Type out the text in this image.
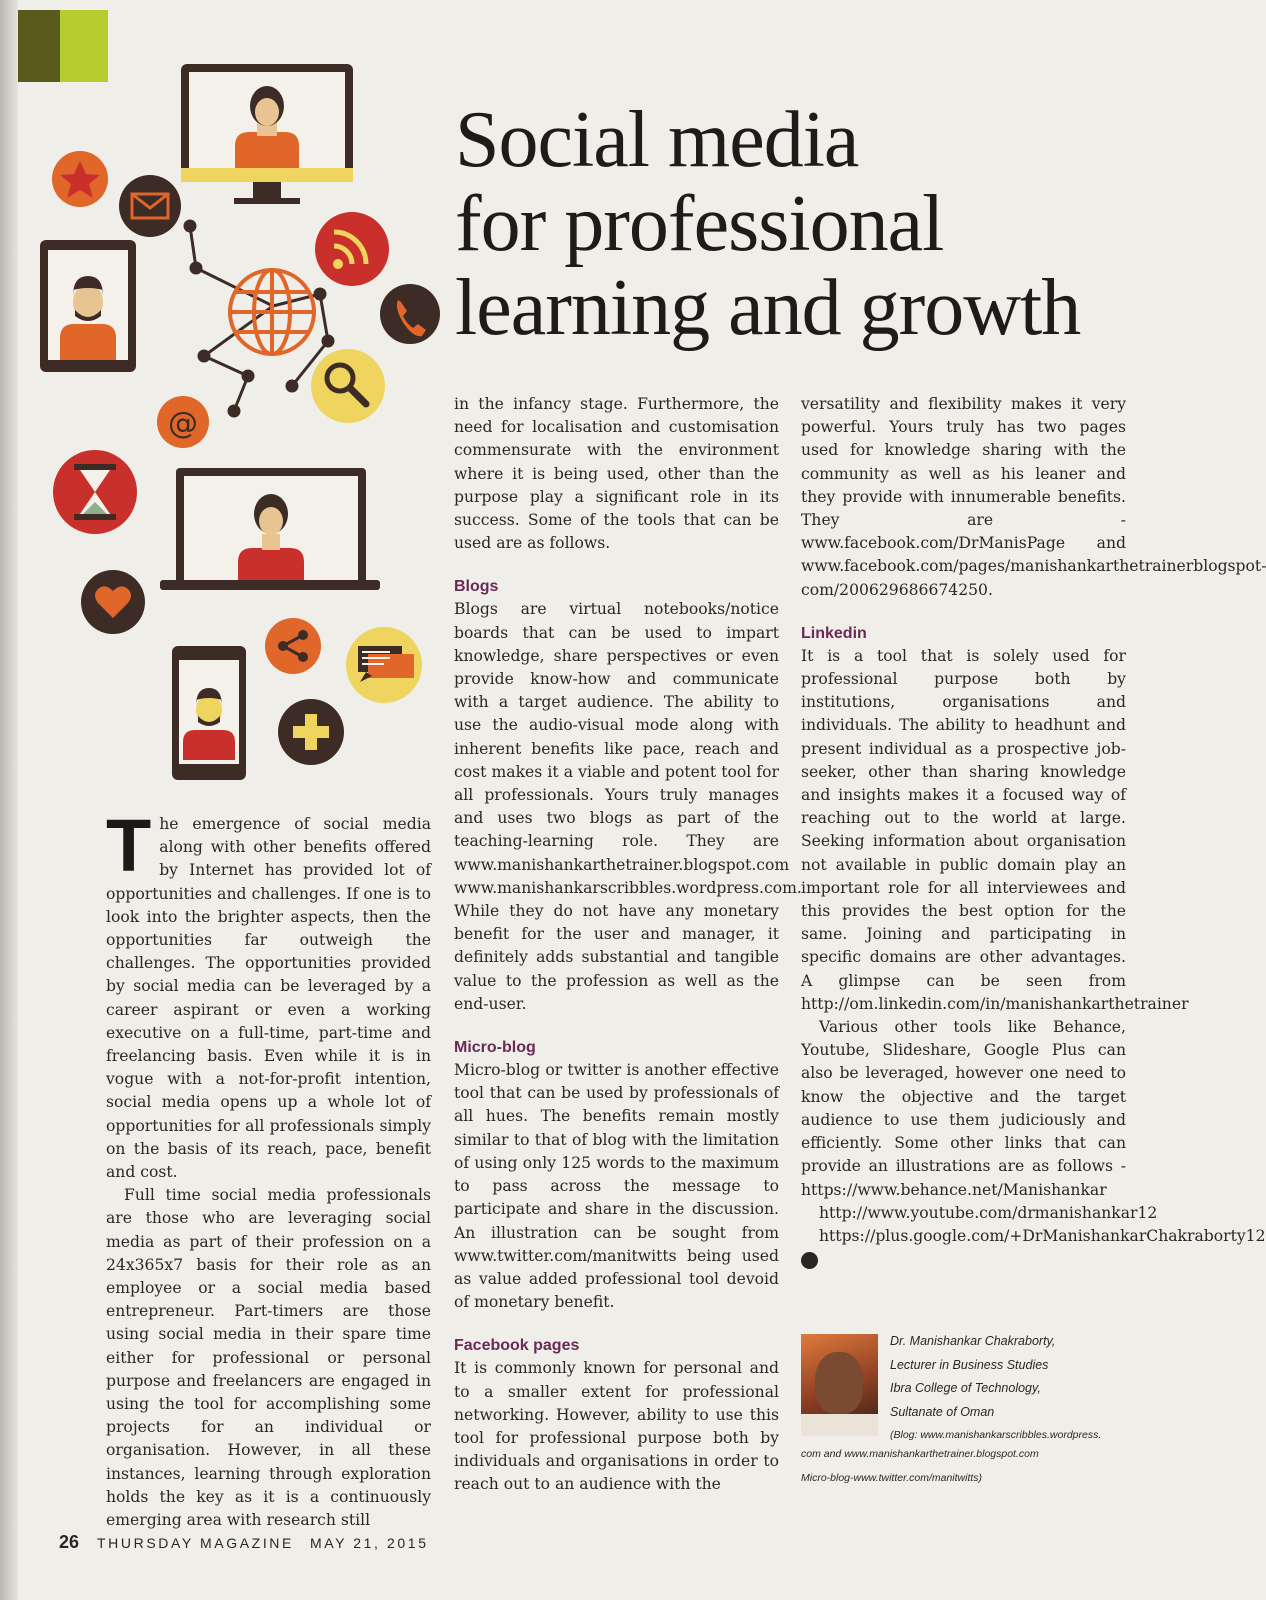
@
Social media
for professional
learning and growth

The emergence of social media along with other benefits offered by Internet has provided lot of opportunities and challenges. If one is to look into the brighter aspects, then the opportunities far outweigh the challenges. The opportunities provided by social media can be leveraged by a career aspirant or even a working executive on a full-time, part-time and freelancing basis. Even while it is in vogue with a not-for-profit intention, social media opens up a whole lot of opportunities for all professionals simply on the basis of its reach, pace, benefit and cost.

Full time social media professionals are those who are leveraging social media as part of their profession on a 24x365x7 basis for their role as an employee or a social media based entrepreneur. Part-timers are those using social media in their spare time either for professional or personal purpose and freelancers are engaged in using the tool for accomplishing some projects for an individual or organisation. However, in all these instances, learning through exploration holds the key as it is a continuously emerging area with research still

in the infancy stage. Furthermore, the need for localisation and customisation commensurate with the environment where it is being used, other than the purpose play a significant role in its success. Some of the tools that can be used are as follows.

Blogs

Blogs are virtual notebooks/notice boards that can be used to impart knowledge, share perspectives or even provide know-how and communicate with a target audience. The ability to use the audio-visual mode along with inherent benefits like pace, reach and cost makes it a viable and potent tool for all professionals. Yours truly manages and uses two blogs as part of the teaching-learning role. They are www.manishankarthetrainer.blogspot.com www.manishankarscribbles.wordpress.com. While they do not have any monetary benefit for the user and manager, it definitely adds substantial and tangible value to the profession as well as the end-user.

Micro-blog

Micro-blog or twitter is another effective tool that can be used by professionals of all hues. The benefits remain mostly similar to that of blog with the limitation of using only 125 words to the maximum to pass across the message to participate and share in the discussion. An illustration can be sought from www.twitter.com/manitwitts being used as value added professional tool devoid of monetary benefit.

Facebook pages

It is commonly known for personal and to a smaller extent for professional networking. However, ability to use this tool for professional purpose both by individuals and organisations in order to reach out to an audience with the

versatility and flexibility makes it very powerful. Yours truly has two pages used for knowledge sharing with the community as well as his leaner and they provide with innumerable benefits. They are - www.facebook.com/DrManisPage and www.facebook.com/pages/manishankarthetrainerblogspot-com/200629686674250.

Linkedin

It is a tool that is solely used for professional purpose both by institutions, organisations and individuals. The ability to headhunt and present individual as a prospective job-seeker, other than sharing knowledge and insights makes it a focused way of reaching out to the world at large. Seeking information about organisation not available in public domain play an important role for all interviewees and this provides the best option for the same. Joining and participating in specific domains are other advantages. A glimpse can be seen from http://om.linkedin.com/in/manishankarthetrainer

Various other tools like Behance, Youtube, Slideshare, Google Plus can also be leveraged, however one need to know the objective and the target audience to use them judiciously and efficiently. Some other links that can provide an illustrations are as follows - https://www.behance.net/Manishankar

http://www.youtube.com/drmanishankar12

https://plus.google.com/+DrManishankarChakraborty12 C

Dr. Manishankar Chakraborty,
Lecturer in Business Studies
Ibra College of Technology,
Sultanate of Oman
(Blog: www.manishankarscribbles.wordpress.
com and www.manishankarthetrainer.blogspot.com
Micro-blog-www.twitter.com/manitwitts)
26 THURSDAY MAGAZINE MAY 21, 2015
